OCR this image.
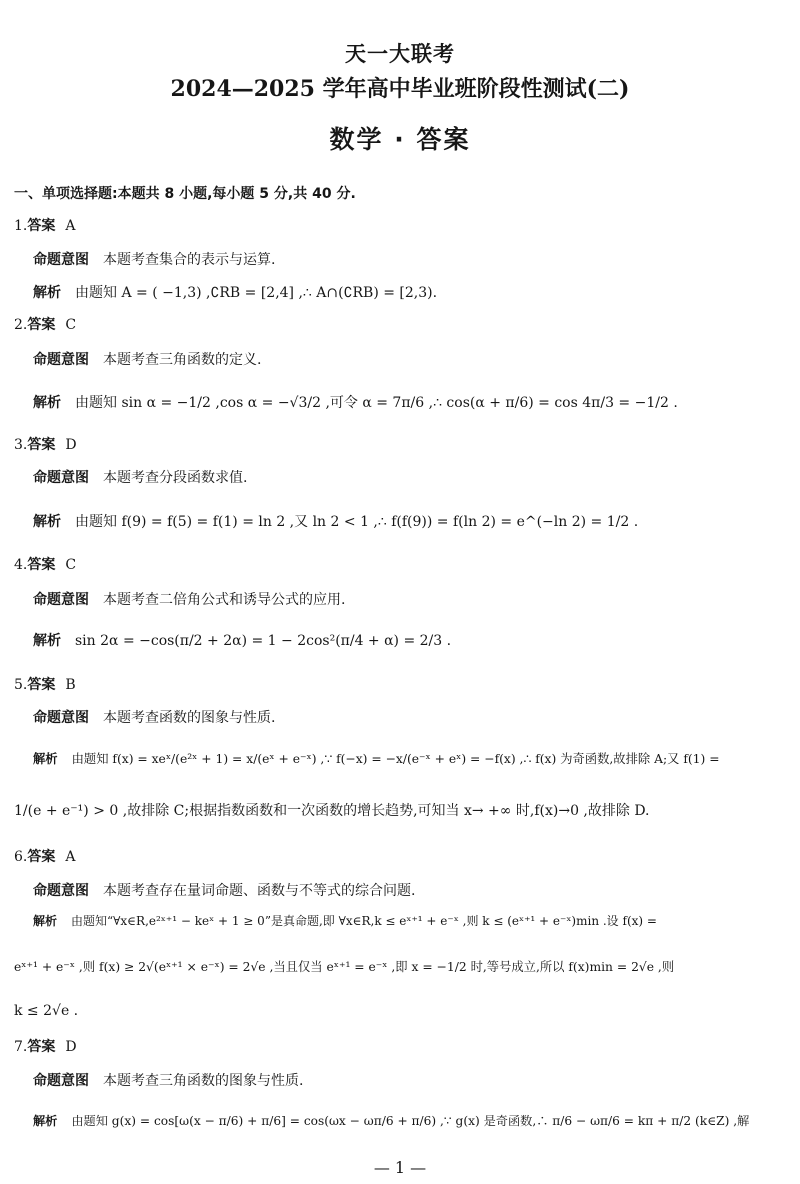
天一大联考
2024—2025 学年高中毕业班阶段性测试(二)
数学 · 答案
一、单项选择题:本题共 8 小题,每小题 5 分,共 40 分.
1.答案 A
命题意图 本题考查集合的表示与运算.
解析 由题知 A = ( −1,3) ,∁RB = [2,4] ,∴ A∩(∁RB) = [2,3).
2.答案 C
命题意图 本题考查三角函数的定义.
解析 由题知 sin α = −1/2 ,cos α = −√3/2 ,可令 α = 7π/6 ,∴ cos(α + π/6) = cos 4π/3 = −1/2 .
3.答案 D
命题意图 本题考查分段函数求值.
解析 由题知 f(9) = f(5) = f(1) = ln 2 ,又 ln 2 < 1 ,∴ f(f(9)) = f(ln 2) = e^(−ln 2) = 1/2 .
4.答案 C
命题意图 本题考查二倍角公式和诱导公式的应用.
解析 sin 2α = −cos(π/2 + 2α) = 1 − 2cos²(π/4 + α) = 2/3 .
5.答案 B
命题意图 本题考查函数的图象与性质.
解析 由题知 f(x) = xeˣ/(e²ˣ + 1) = x/(eˣ + e⁻ˣ) ,∵ f(−x) = −x/(e⁻ˣ + eˣ) = −f(x) ,∴ f(x) 为奇函数,故排除 A;又 f(1) =
1/(e + e⁻¹) > 0 ,故排除 C;根据指数函数和一次函数的增长趋势,可知当 x→ +∞ 时,f(x)→0 ,故排除 D.
6.答案 A
命题意图 本题考查存在量词命题、函数与不等式的综合问题.
解析 由题知“∀x∈R,e²ˣ⁺¹ − keˣ + 1 ≥ 0”是真命题,即 ∀x∈R,k ≤ eˣ⁺¹ + e⁻ˣ ,则 k ≤ (eˣ⁺¹ + e⁻ˣ)min .设 f(x) =
eˣ⁺¹ + e⁻ˣ ,则 f(x) ≥ 2√(eˣ⁺¹ × e⁻ˣ) = 2√e ,当且仅当 eˣ⁺¹ = e⁻ˣ ,即 x = −1/2 时,等号成立,所以 f(x)min = 2√e ,则
k ≤ 2√e .
7.答案 D
命题意图 本题考查三角函数的图象与性质.
解析 由题知 g(x) = cos[ω(x − π/6) + π/6] = cos(ωx − ωπ/6 + π/6) ,∵ g(x) 是奇函数,∴ π/6 − ωπ/6 = kπ + π/2 (k∈Z) ,解
— 1 —
